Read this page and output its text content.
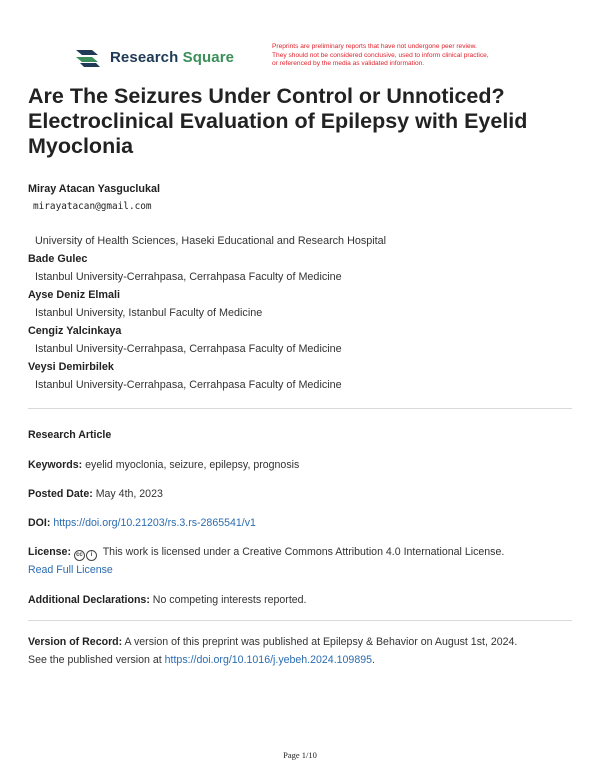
Research Square
Preprints are preliminary reports that have not undergone peer review.
They should not be considered conclusive, used to inform clinical practice,
or referenced by the media as validated information.
Are The Seizures Under Control or Unnoticed? Electroclinical Evaluation of Epilepsy with Eyelid Myoclonia
Miray Atacan Yasguclukal
mirayatacan@gmail.com
University of Health Sciences, Haseki Educational and Research Hospital
Bade Gulec
Istanbul University-Cerrahpasa, Cerrahpasa Faculty of Medicine
Ayse Deniz Elmali
Istanbul University, Istanbul Faculty of Medicine
Cengiz Yalcinkaya
Istanbul University-Cerrahpasa, Cerrahpasa Faculty of Medicine
Veysi Demirbilek
Istanbul University-Cerrahpasa, Cerrahpasa Faculty of Medicine
Research Article
Keywords: eyelid myoclonia, seizure, epilepsy, prognosis
Posted Date: May 4th, 2023
DOI: https://doi.org/10.21203/rs.3.rs-2865541/v1
License: cc	i This work is licensed under a Creative Commons Attribution 4.0 International License.
Read Full License
Additional Declarations: No competing interests reported.
Version of Record: A version of this preprint was published at Epilepsy & Behavior on August 1st, 2024.
See the published version at https://doi.org/10.1016/j.yebeh.2024.109895.
Page 1/10
